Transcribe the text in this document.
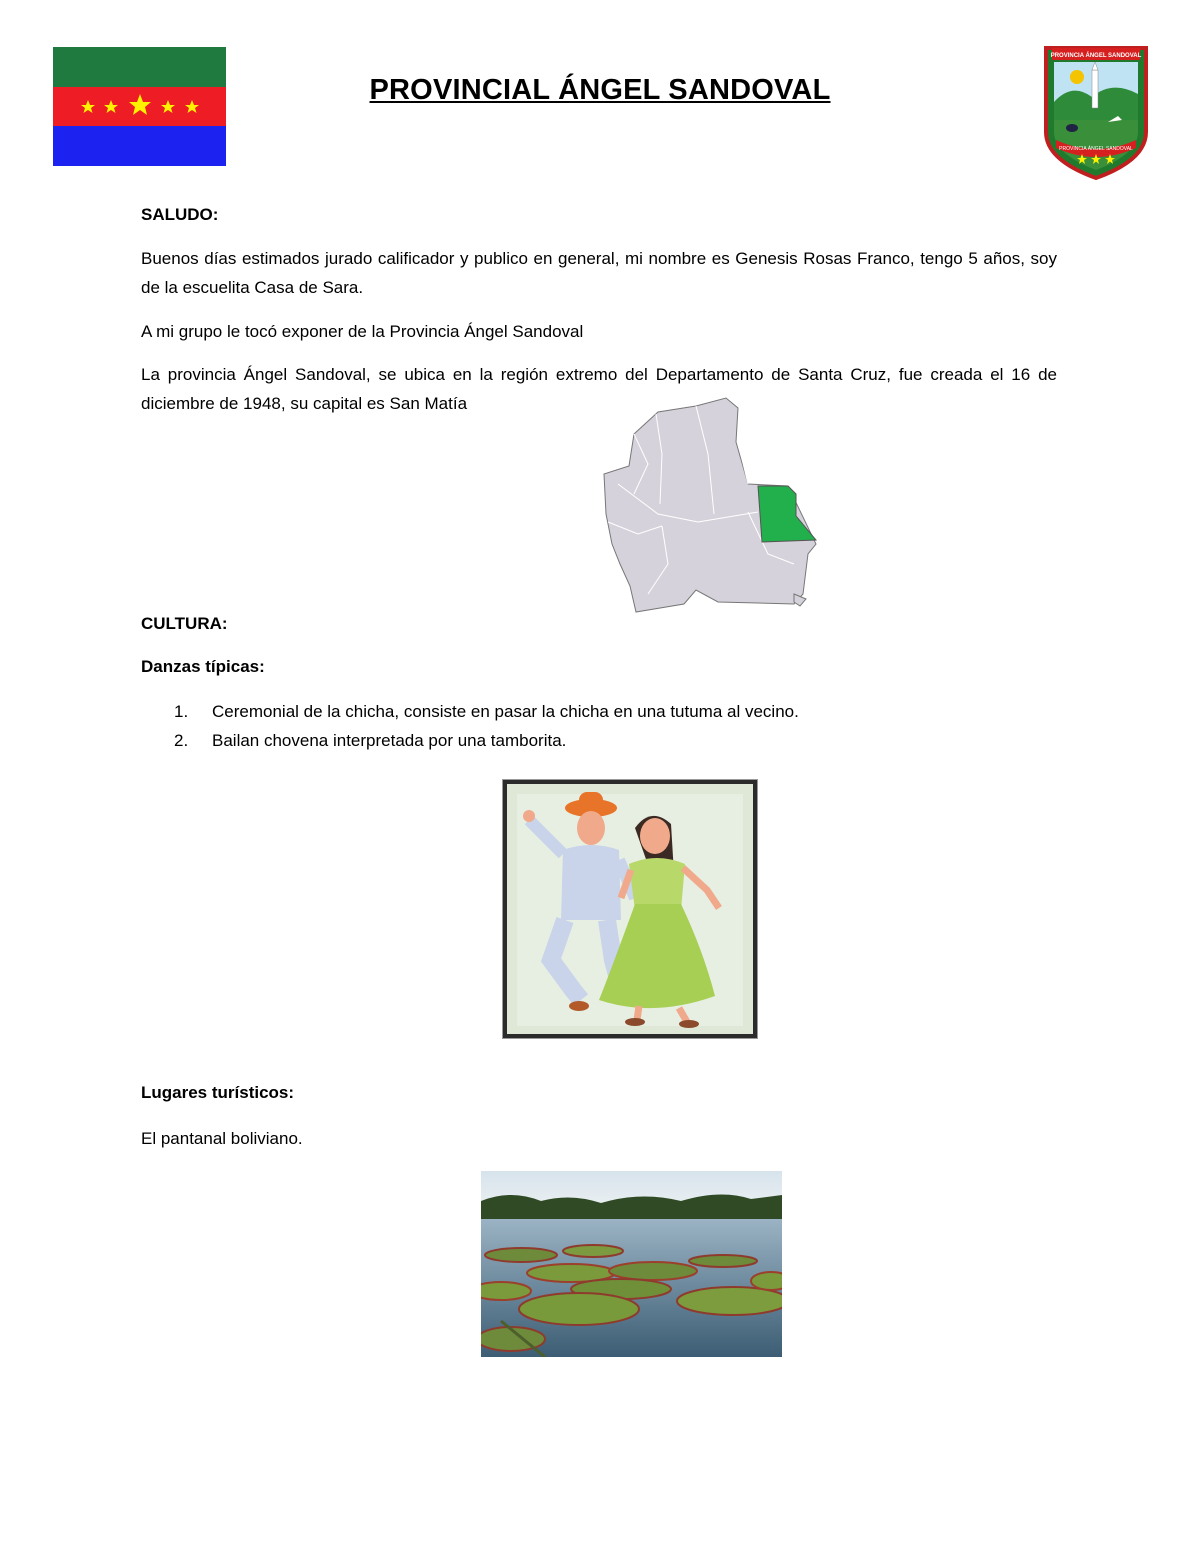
PROVINCIAL ÁNGEL SANDOVAL
PROVINCIA ÁNGEL SANDOVAL
PROVINCIA ÁNGEL SANDOVAL
SALUDO:
Buenos días estimados jurado calificador y publico en general, mi nombre es Genesis Rosas Franco, tengo 5 años, soy de la escuelita Casa de Sara.
A mi grupo le tocó exponer de la Provincia Ángel Sandoval
La provincia Ángel Sandoval, se ubica en la región extremo del Departamento de Santa Cruz, fue creada el 16 de diciembre de 1948, su capital es San Matía
CULTURA:
Danzas típicas:
1. Ceremonial de la chicha, consiste en pasar la chicha en una tutuma al vecino.
2. Bailan chovena interpretada por una tamborita.
Lugares turísticos:
El pantanal boliviano.
